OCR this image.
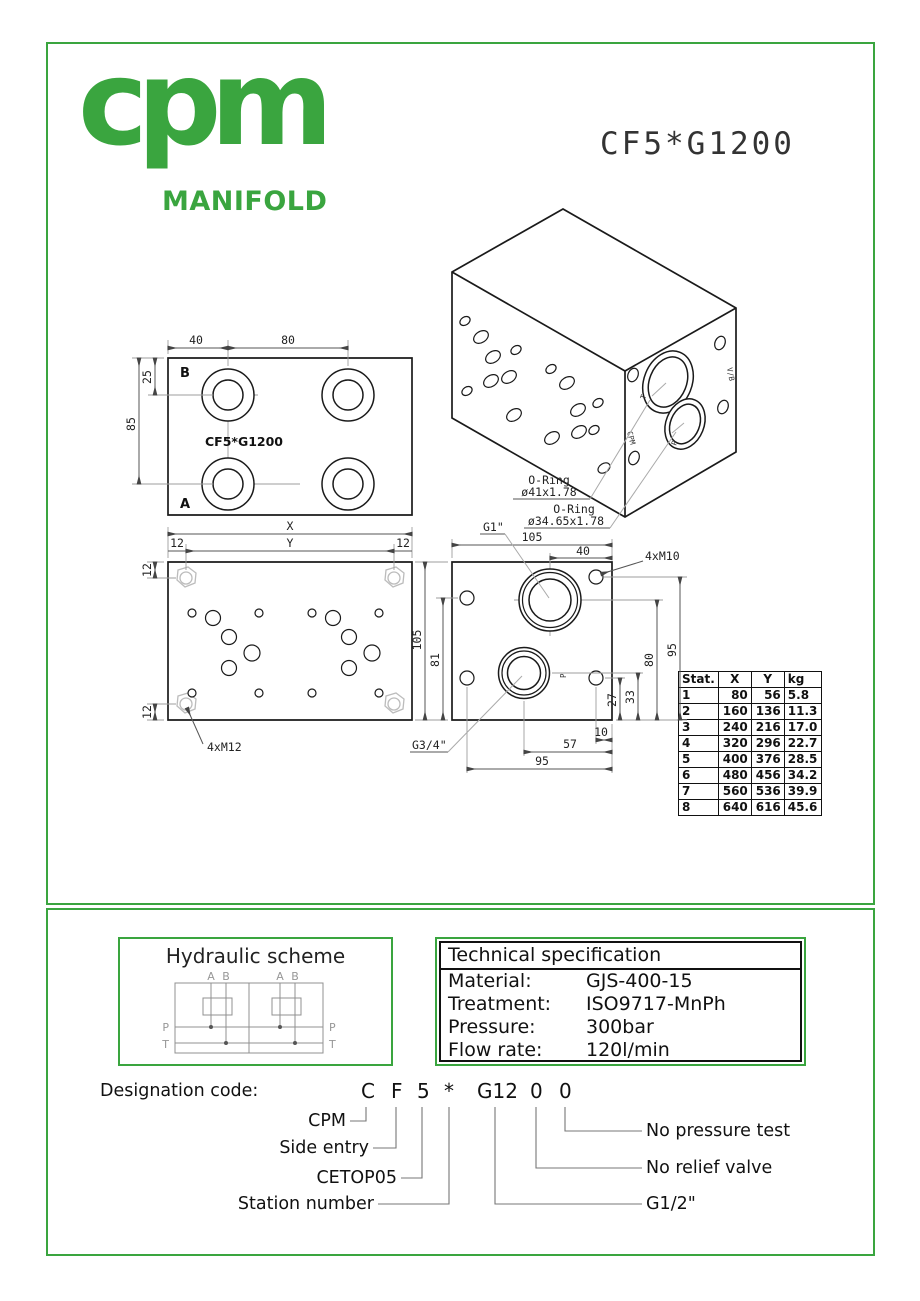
cpm
MANIFOLD
CF5*G1200
Stat.	X	Y	kg
1	80	56	5.8
2	160	136	11.3
3	240	216	17.0
4	320	296	22.7
5	400	376	28.5
6	480	456	34.2
7	560	536	39.9
8	640	616	45.6
Hydraulic scheme	Technical specification
Material:	GJS-400-15
Treatment:	ISO9717-MnPh
Pressure:	300bar
Flow rate:	120l/min
Designation code:	C F 5 * G12 0 0
CPM
Side entry
CETOP05
Station number
No pressure test
No relief valve
G1/2"
40	80
25
85
B
A
CF5*G1200
T
P
CPM
V/B
O-Ring
ø41x1.78
O-Ring
ø34.65x1.78
X
Y
12	12
12
12
4xM12
P
105
40	4xM10
G1"
95
80
33
27
10
57
95
105
81
G3/4"
A B	A B
P	P
T	T
